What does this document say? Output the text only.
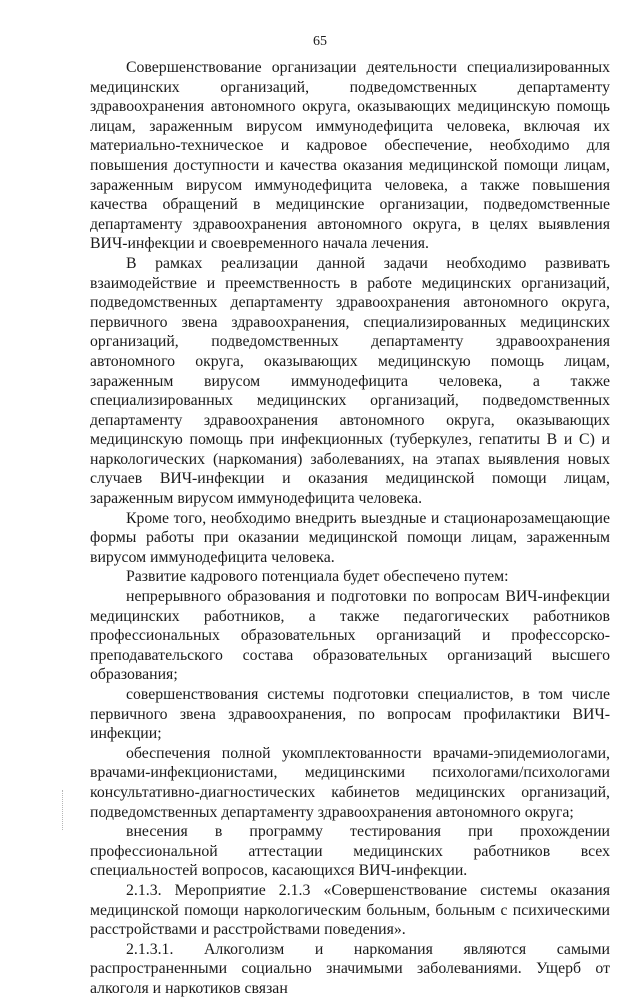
65

Совершенствование организации деятельности специализированных медицинских организаций, подведомственных департаменту здравоохранения автономного округа, оказывающих медицинскую помощь лицам, зараженным вирусом иммунодефицита человека, включая их материально-техническое и кадровое обеспечение, необходимо для повышения доступности и качества оказания медицинской помощи лицам, зараженным вирусом иммунодефицита человека, а также повышения качества обращений в медицинские организации, подведомственные департаменту здравоохранения автономного округа, в целях выявления ВИЧ-инфекции и своевременного начала лечения.

В рамках реализации данной задачи необходимо развивать взаимодействие и преемственность в работе медицинских организаций, подведомственных департаменту здравоохранения автономного округа, первичного звена здравоохранения, специализированных медицинских организаций, подведомственных департаменту здравоохранения автономного округа, оказывающих медицинскую помощь лицам, зараженным вирусом иммунодефицита человека, а также специализированных медицинских организаций, подведомственных департаменту здравоохранения автономного округа, оказывающих медицинскую помощь при инфекционных (туберкулез, гепатиты В и С) и наркологических (наркомания) заболеваниях, на этапах выявления новых случаев ВИЧ-инфекции и оказания медицинской помощи лицам, зараженным вирусом иммунодефицита человека.

Кроме того, необходимо внедрить выездные и стационарозамещающие формы работы при оказании медицинской помощи лицам, зараженным вирусом иммунодефицита человека.

Развитие кадрового потенциала будет обеспечено путем:

непрерывного образования и подготовки по вопросам ВИЧ-инфекции медицинских работников, а также педагогических работников профессиональных образовательных организаций и профессорско-преподавательского состава образовательных организаций высшего образования;

совершенствования системы подготовки специалистов, в том числе первичного звена здравоохранения, по вопросам профилактики ВИЧ-инфекции;

обеспечения полной укомплектованности врачами-эпидемиологами, врачами-инфекционистами, медицинскими психологами/психологами консультативно-диагностических кабинетов медицинских организаций, подведомственных департаменту здравоохранения автономного округа;

внесения в программу тестирования при прохождении профессиональной аттестации медицинских работников всех специальностей вопросов, касающихся ВИЧ-инфекции.

2.1.3. Мероприятие 2.1.3 «Совершенствование системы оказания медицинской помощи наркологическим больным, больным с психическими расстройствами и расстройствами поведения».

2.1.3.1. Алкоголизм и наркомания являются самыми распространенными социально значимыми заболеваниями. Ущерб от алкоголя и наркотиков связан
